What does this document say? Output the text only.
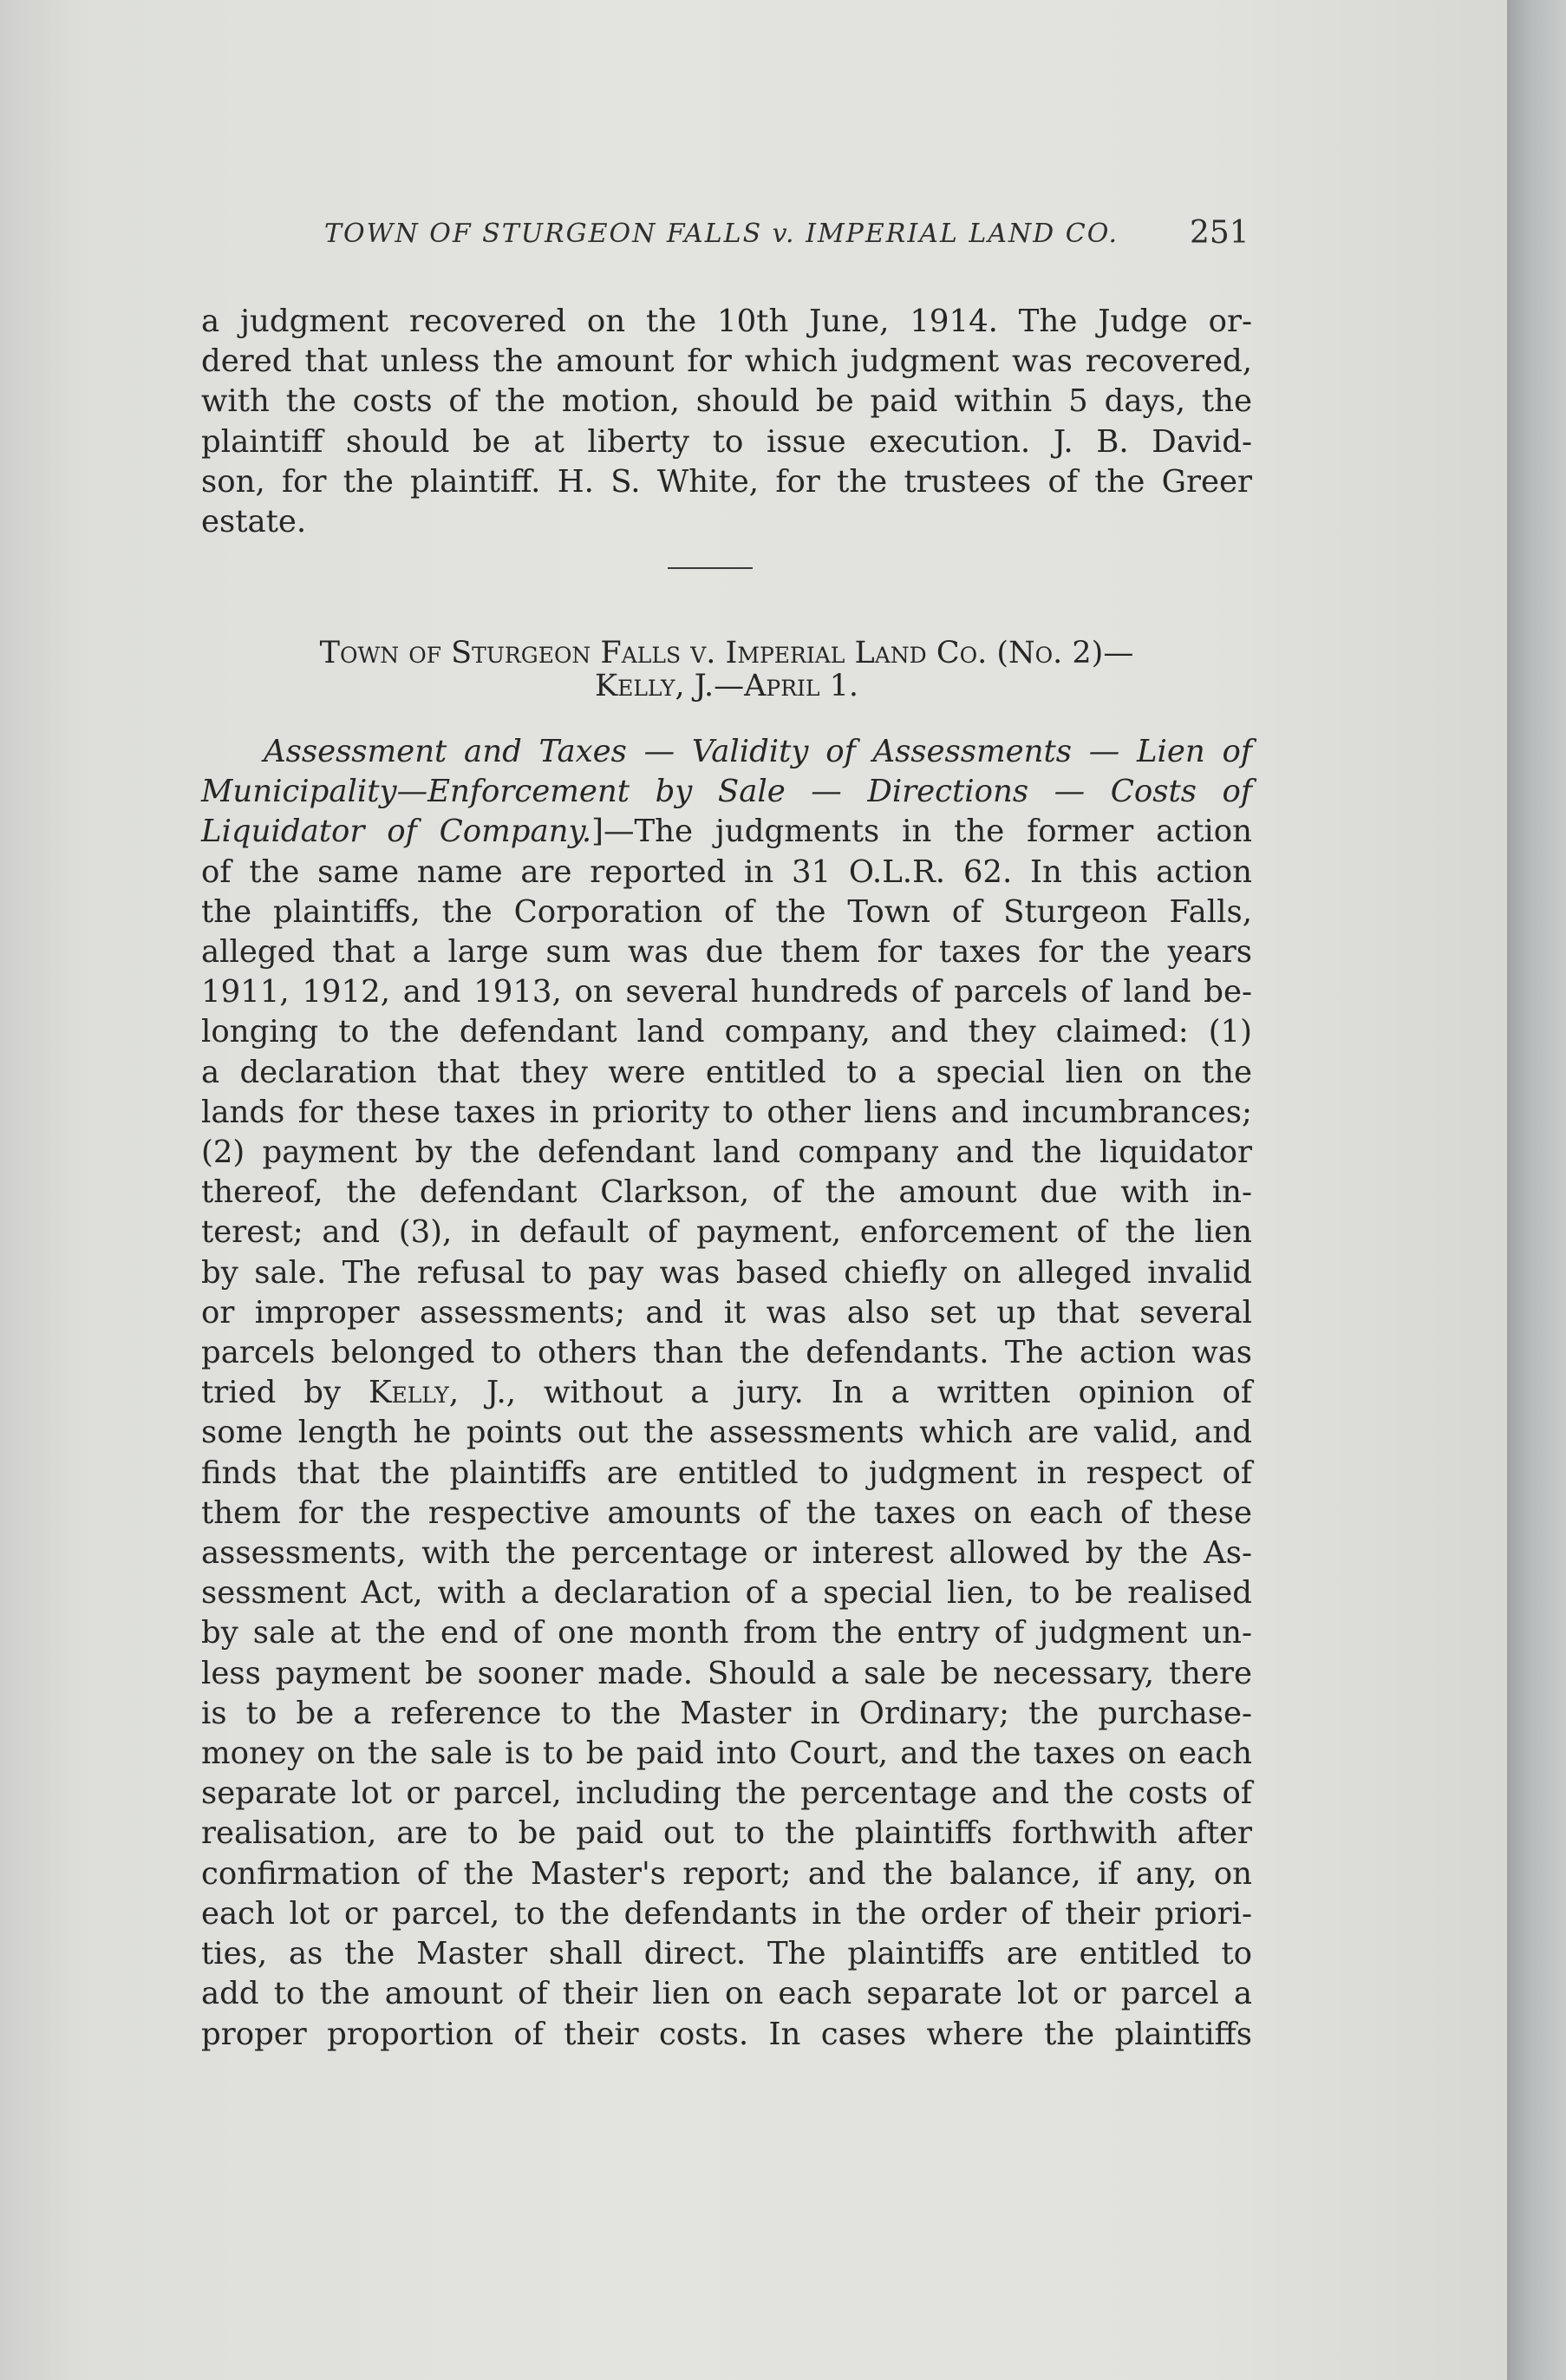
TOWN OF STURGEON FALLS v. IMPERIAL LAND CO. 251
a judgment recovered on the 10th June, 1914. The Judge or-
dered that unless the amount for which judgment was recovered,
with the costs of the motion, should be paid within 5 days, the
plaintiff should be at liberty to issue execution. J. B. David-
son, for the plaintiff. H. S. White, for the trustees of the Greer
estate.
Town of Sturgeon Falls v. Imperial Land Co. (No. 2)—
Kelly, J.—April 1.
Assessment and Taxes — Validity of Assessments — Lien of
Municipality—Enforcement by Sale — Directions — Costs of
Liquidator of Company.]—The judgments in the former action
of the same name are reported in 31 O.L.R. 62. In this action
the plaintiffs, the Corporation of the Town of Sturgeon Falls,
alleged that a large sum was due them for taxes for the years
1911, 1912, and 1913, on several hundreds of parcels of land be-
longing to the defendant land company, and they claimed: (1)
a declaration that they were entitled to a special lien on the
lands for these taxes in priority to other liens and incumbrances;
(2) payment by the defendant land company and the liquidator
thereof, the defendant Clarkson, of the amount due with in-
terest; and (3), in default of payment, enforcement of the lien
by sale. The refusal to pay was based chiefly on alleged invalid
or improper assessments; and it was also set up that several
parcels belonged to others than the defendants. The action was
tried by Kelly, J., without a jury. In a written opinion of
some length he points out the assessments which are valid, and
finds that the plaintiffs are entitled to judgment in respect of
them for the respective amounts of the taxes on each of these
assessments, with the percentage or interest allowed by the As-
sessment Act, with a declaration of a special lien, to be realised
by sale at the end of one month from the entry of judgment un-
less payment be sooner made. Should a sale be necessary, there
is to be a reference to the Master in Ordinary; the purchase-
money on the sale is to be paid into Court, and the taxes on each
separate lot or parcel, including the percentage and the costs of
realisation, are to be paid out to the plaintiffs forthwith after
confirmation of the Master's report; and the balance, if any, on
each lot or parcel, to the defendants in the order of their priori-
ties, as the Master shall direct. The plaintiffs are entitled to
add to the amount of their lien on each separate lot or parcel a
proper proportion of their costs. In cases where the plaintiffs
